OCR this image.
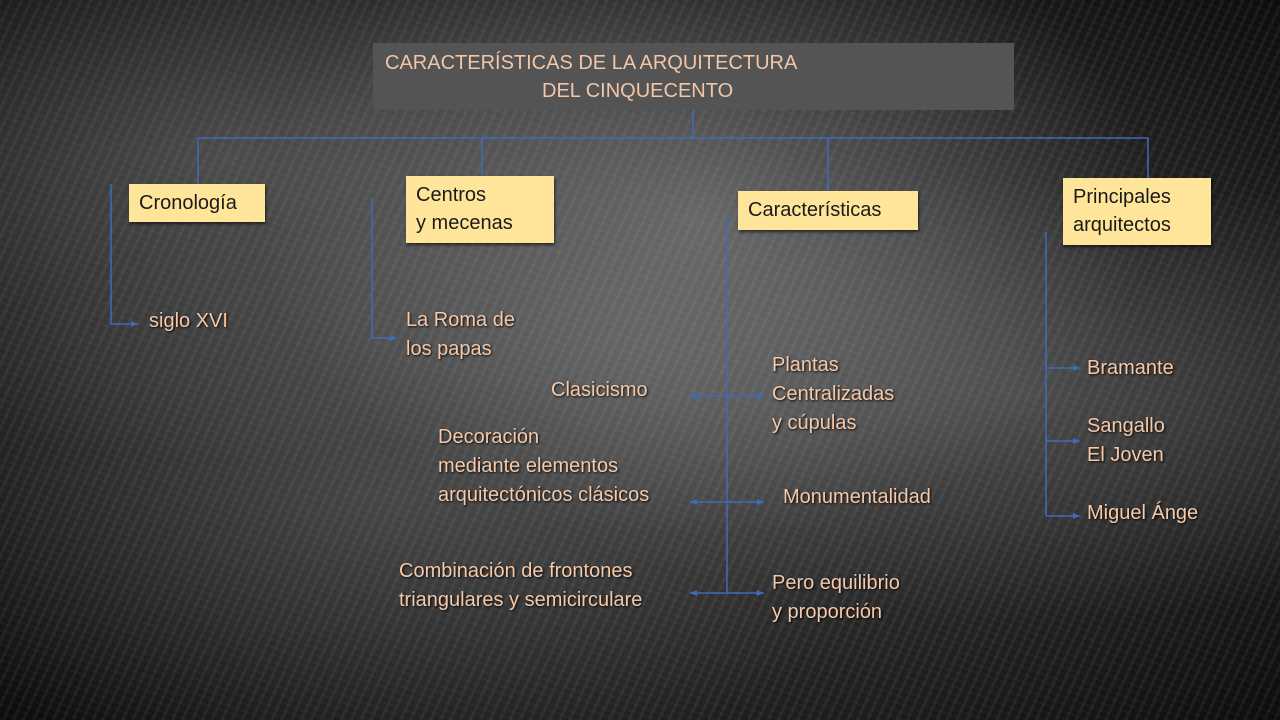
CARACTERÍSTICAS DE LA ARQUITECTURA
DEL CINQUECENTO
Cronología	Centros
y mecenas
Características
Principales
arquitectos
siglo XVI	La Roma de
los papas
Clasicismo
Decoración
mediante elementos
arquitectónicos clásicos
Combinación de frontones
triangulares y semicirculare
Plantas
Centralizadas
y cúpulas
Monumentalidad
Pero equilibrio
y proporción
Bramante
Sangallo
El Joven
Miguel Ánge
